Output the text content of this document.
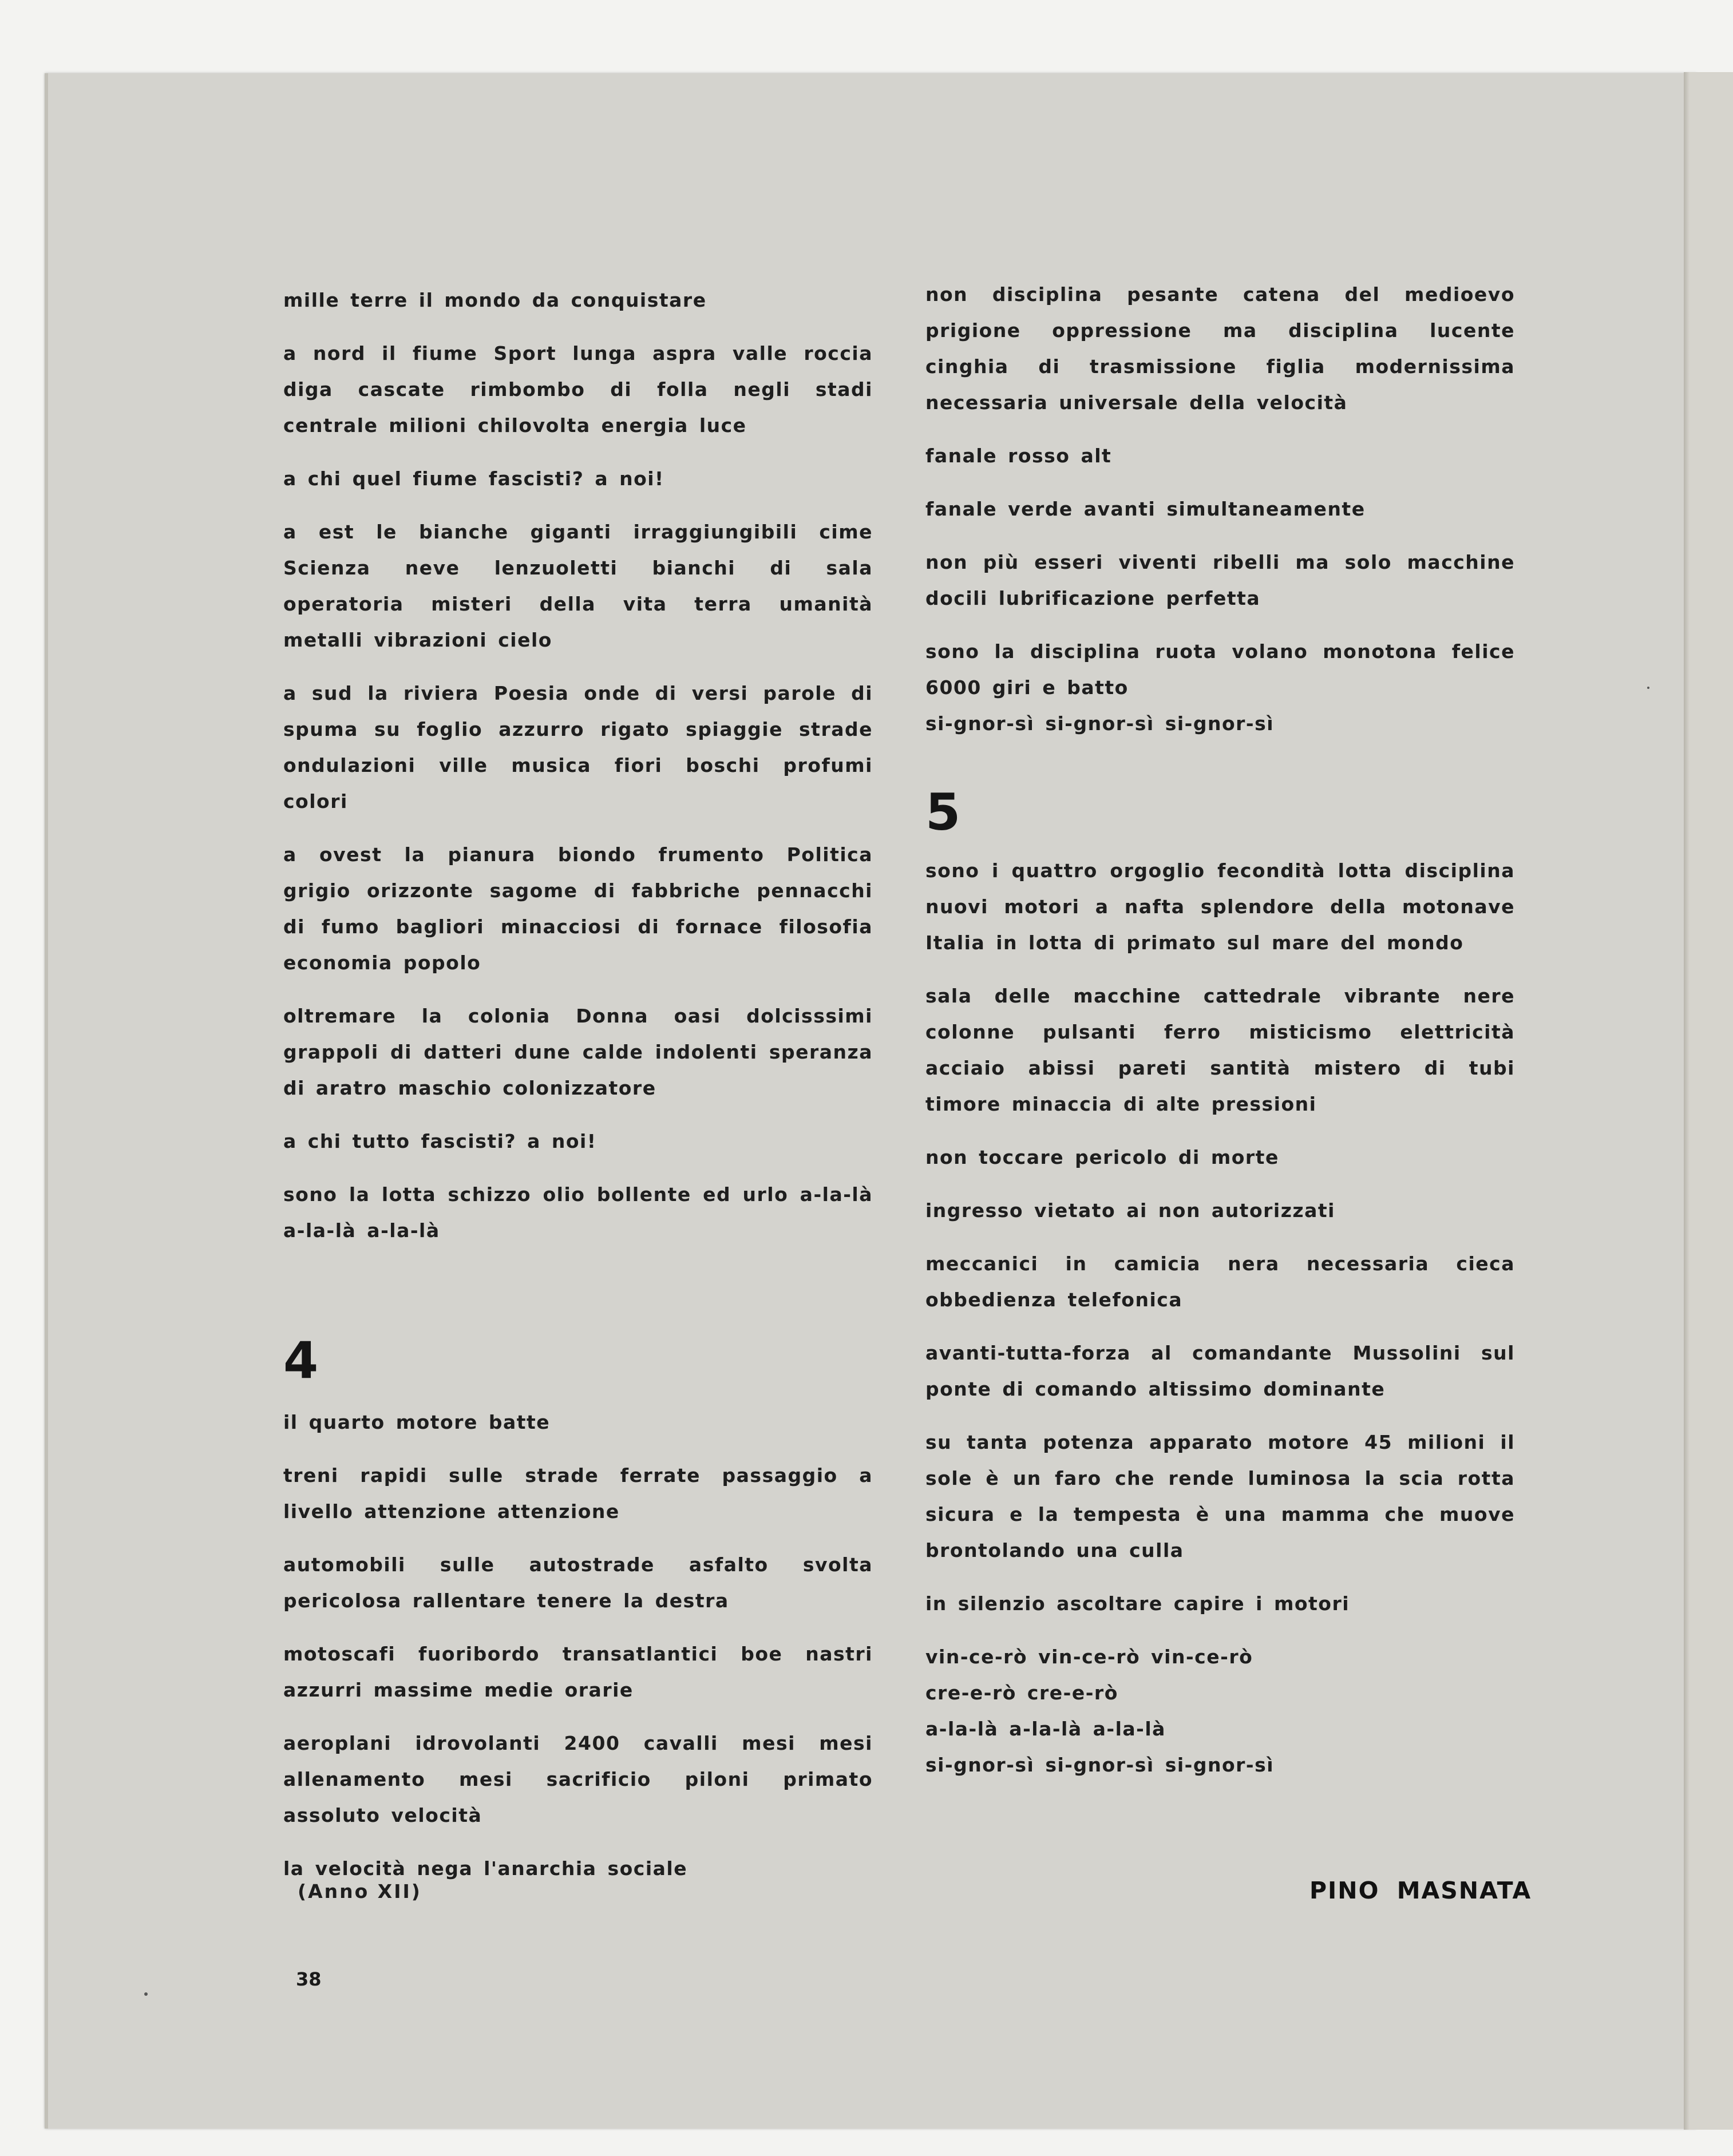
mille terre il mondo da conquistare

a nord il fiume Sport lunga aspra valle roccia diga cascate rimbombo di folla negli stadi centrale milioni chilovolta energia luce

a chi quel fiume fascisti? a noi!

a est le bianche giganti irraggiungibili cime Scienza neve lenzuoletti bianchi di sala operatoria misteri della vita terra umanità metalli vibrazioni cielo

a sud la riviera Poesia onde di versi parole di spuma su foglio azzurro rigato spiaggie strade ondulazioni ville musica fiori boschi profumi colori

a ovest la pianura biondo frumento Politica grigio orizzonte sagome di fabbriche pennacchi di fumo bagliori minacciosi di fornace filosofia economia popolo

oltremare la colonia Donna oasi dolcisssimi grappoli di datteri dune calde indolenti speranza di aratro maschio colonizzatore

a chi tutto fascisti? a noi!

sono la lotta schizzo olio bollente ed urlo a-la-là a-la-là a-la-là

4

il quarto motore batte

treni rapidi sulle strade ferrate passaggio a livello attenzione attenzione

automobili sulle autostrade asfalto svolta pericolosa rallentare tenere la destra

motoscafi fuoribordo transatlantici boe nastri azzurri massime medie orarie

aeroplani idrovolanti 2400 cavalli mesi mesi allenamento mesi sacrificio piloni primato assoluto velocità

la velocità nega l'anarchia sociale

non disciplina pesante catena del medioevo prigione oppressione ma disciplina lucente cinghia di trasmissione figlia modernissima necessaria universale della velocità

fanale rosso alt

fanale verde avanti simultaneamente

non più esseri viventi ribelli ma solo macchine docili lubrificazione perfetta

sono la disciplina ruota volano monotona felice 6000 giri e batto

si-gnor-sì si-gnor-sì si-gnor-sì

5

sono i quattro orgoglio fecondità lotta disciplina nuovi motori a nafta splendore della motonave Italia in lotta di primato sul mare del mondo

sala delle macchine cattedrale vibrante nere colonne pulsanti ferro misticismo elettricità acciaio abissi pareti santità mistero di tubi timore minaccia di alte pressioni

non toccare pericolo di morte

ingresso vietato ai non autorizzati

meccanici in camicia nera necessaria cieca obbedienza telefonica

avanti-tutta-forza al comandante Mussolini sul ponte di comando altissimo dominante

su tanta potenza apparato motore 45 milioni il sole è un faro che rende luminosa la scia rotta sicura e la tempesta è una mamma che muove brontolando una culla

in silenzio ascoltare capire i motori

vin-ce-rò vin-ce-rò vin-ce-rò

cre-e-rò cre-e-rò

a-la-là a-la-là a-la-là

si-gnor-sì si-gnor-sì si-gnor-sì

(Anno XII)	PINO MASNATA
38
